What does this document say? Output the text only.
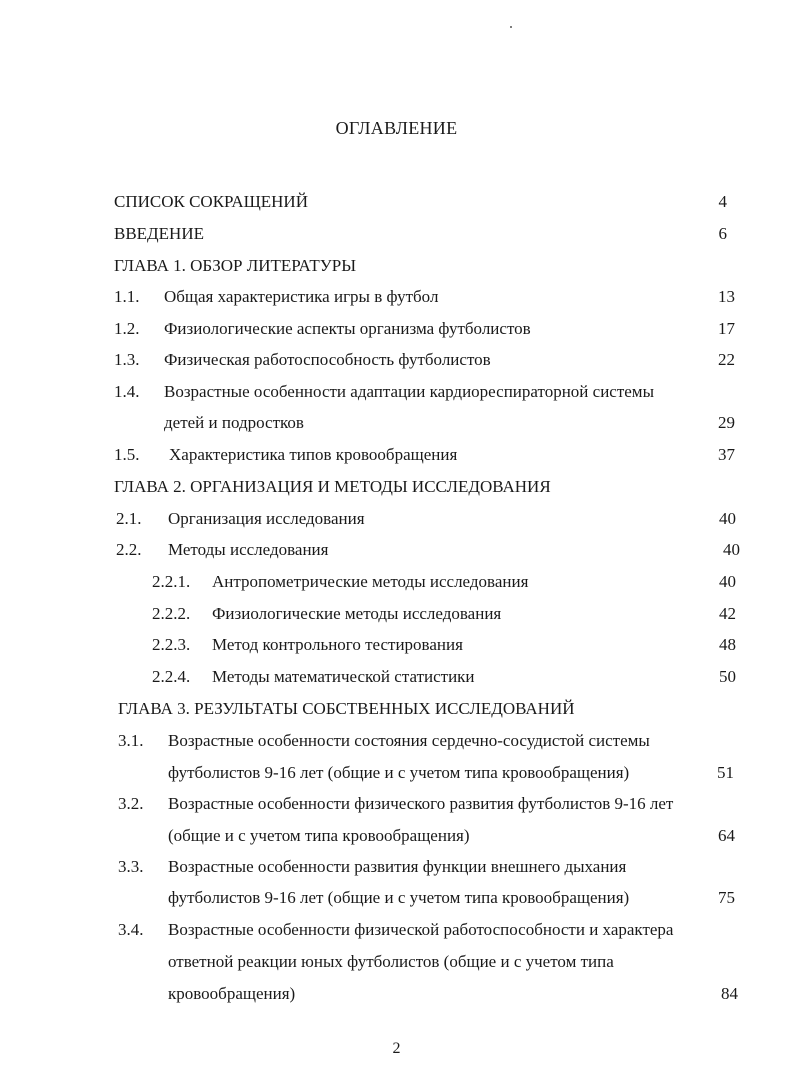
ОГЛАВЛЕНИЕ
СПИСОК СОКРАЩЕНИЙ	4
ВВЕДЕНИЕ	6
ГЛАВА 1. ОБЗОР ЛИТЕРАТУРЫ
1.1. Общая характеристика игры в футбол	13
1.2. Физиологические аспекты организма футболистов	17
1.3. Физическая работоспособность футболистов	22
1.4. Возрастные особенности адаптации кардиореспираторной системы
детей и подростков	29
1.5. Характеристика типов кровообращения	37
ГЛАВА 2. ОРГАНИЗАЦИЯ И МЕТОДЫ ИССЛЕДОВАНИЯ
2.1. Организация исследования	40
2.2. Методы исследования	40
2.2.1. Антропометрические методы исследования	40
2.2.2. Физиологические методы исследования	42
2.2.3. Метод контрольного тестирования	48
2.2.4. Методы математической статистики	50
ГЛАВА 3. РЕЗУЛЬТАТЫ СОБСТВЕННЫХ ИССЛЕДОВАНИЙ
3.1. Возрастные особенности состояния сердечно-сосудистой системы
футболистов 9-16 лет (общие и с учетом типа кровообращения)	51
3.2. Возрастные особенности физического развития футболистов 9-16 лет
(общие и с учетом типа кровообращения)	64
3.3. Возрастные особенности развития функции внешнего дыхания
футболистов 9-16 лет (общие и с учетом типа кровообращения)	75
3.4. Возрастные особенности физической работоспособности и характера
ответной реакции юных футболистов (общие и с учетом типа
кровообращения)	84
2
